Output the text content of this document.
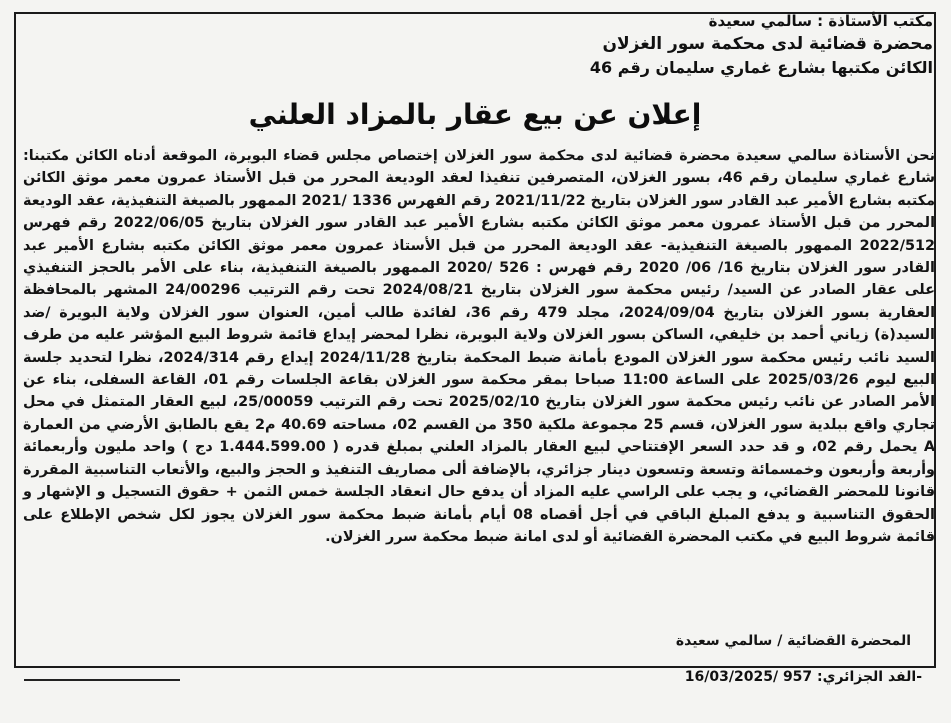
مكتب الأستاذة : سالمي سعيدة
محضرة قضائية لدى محكمة سور الغزلان
الكائن مكتبها بشارع غماري سليمان رقم 46
إعلان عن بيع عقار بالمزاد العلني

نحن الأستاذة سالمي سعيدة محضرة قضائية لدى محكمة سور الغزلان إختصاص مجلس قضاء البويرة، الموقعة أدناه الكائن مكتبنا: شارع غماري سليمان رقم 46، بسور الغزلان، المتصرفين تنفيذا لعقد الوديعة المحرر من قبل الأستاذ عمرون معمر موثق الكائن مكتبه بشارع الأمير عبد القادر سور الغزلان بتاريخ 2021/11/22 رقم الفهرس 1336 /2021 الممهور بالصيغة التنفيذية، عقد الوديعة المحرر من قبل الأستاذ عمرون معمر موثق الكائن مكتبه بشارع الأمير عبد القادر سور الغزلان بتاريخ 2022/06/05 رقم فهرس 2022/512 الممهور بالصيغة التنفيذية- عقد الوديعة المحرر من قبل الأستاذ عمرون معمر موثق الكائن مكتبه بشارع الأمير عبد القادر سور الغزلان بتاريخ 16/ 06/ 2020 رقم فهرس : 526 /2020 الممهور بالصيغة التنفيذية، بناء على الأمر بالحجز التنفيذي على عقار الصادر عن السيد/ رئيس محكمة سور الغزلان بتاريخ 2024/08/21 تحت رقم الترتيب 24/00296 المشهر بالمحافظة العقارية بسور الغزلان بتاريخ 2024/09/04، مجلد 479 رقم 36، لفائدة طالب أمين، العنوان سور الغزلان ولاية البويرة /ضد السيد(ة) زياني أحمد بن خليفي، الساكن بسور الغزلان ولاية البويرة، نظرا لمحضر إيداع قائمة شروط البيع المؤشر عليه من طرف السيد نائب رئيس محكمة سور الغزلان المودع بأمانة ضبط المحكمة بتاريخ 2024/11/28 إيداع رقم 2024/314، نظرا لتحديد جلسة البيع ليوم 2025/03/26 على الساعة 11:00 صباحا بمقر محكمة سور الغزلان بقاعة الجلسات رقم 01، القاعة السفلى، بناء عن الأمر الصادر عن نائب رئيس محكمة سور الغزلان بتاريخ 2025/02/10 تحت رقم الترتيب 25/00059، لبيع العقار المتمثل في محل تجاري واقع ببلدية سور الغزلان، قسم 25 مجموعة ملكية 350 من القسم 02، مساحته 40.69 م2 يقع بالطابق الأرضي من العمارة A يحمل رقم 02، و قد حدد السعر الإفتتاحي لبيع العقار بالمزاد العلني بمبلغ قدره ( 1.444.599.00 دج ) واحد مليون وأربعمائة وأربعة وأربعون وخمسمائة وتسعة وتسعون دينار جزائري، بالإضافة ألى مصاريف التنفيذ و الحجز والبيع، والأتعاب التناسبية المقررة قانونا للمحضر القضائي، و يجب على الراسي عليه المزاد أن يدفع حال انعقاد الجلسة خمس الثمن + حقوق التسجيل و الإشهار و الحقوق التناسبية و يدفع المبلغ الباقي في أجل أقصاه 08 أيام بأمانة ضبط محكمة سور الغزلان يجوز لكل شخص الإطلاع على قائمة شروط البيع في مكتب المحضرة القضائية أو لدى امانة ضبط محكمة سرر الغزلان.

المحضرة القضائية / سالمي سعيدة
-الفد الجزائري: 957 /16/03/2025
